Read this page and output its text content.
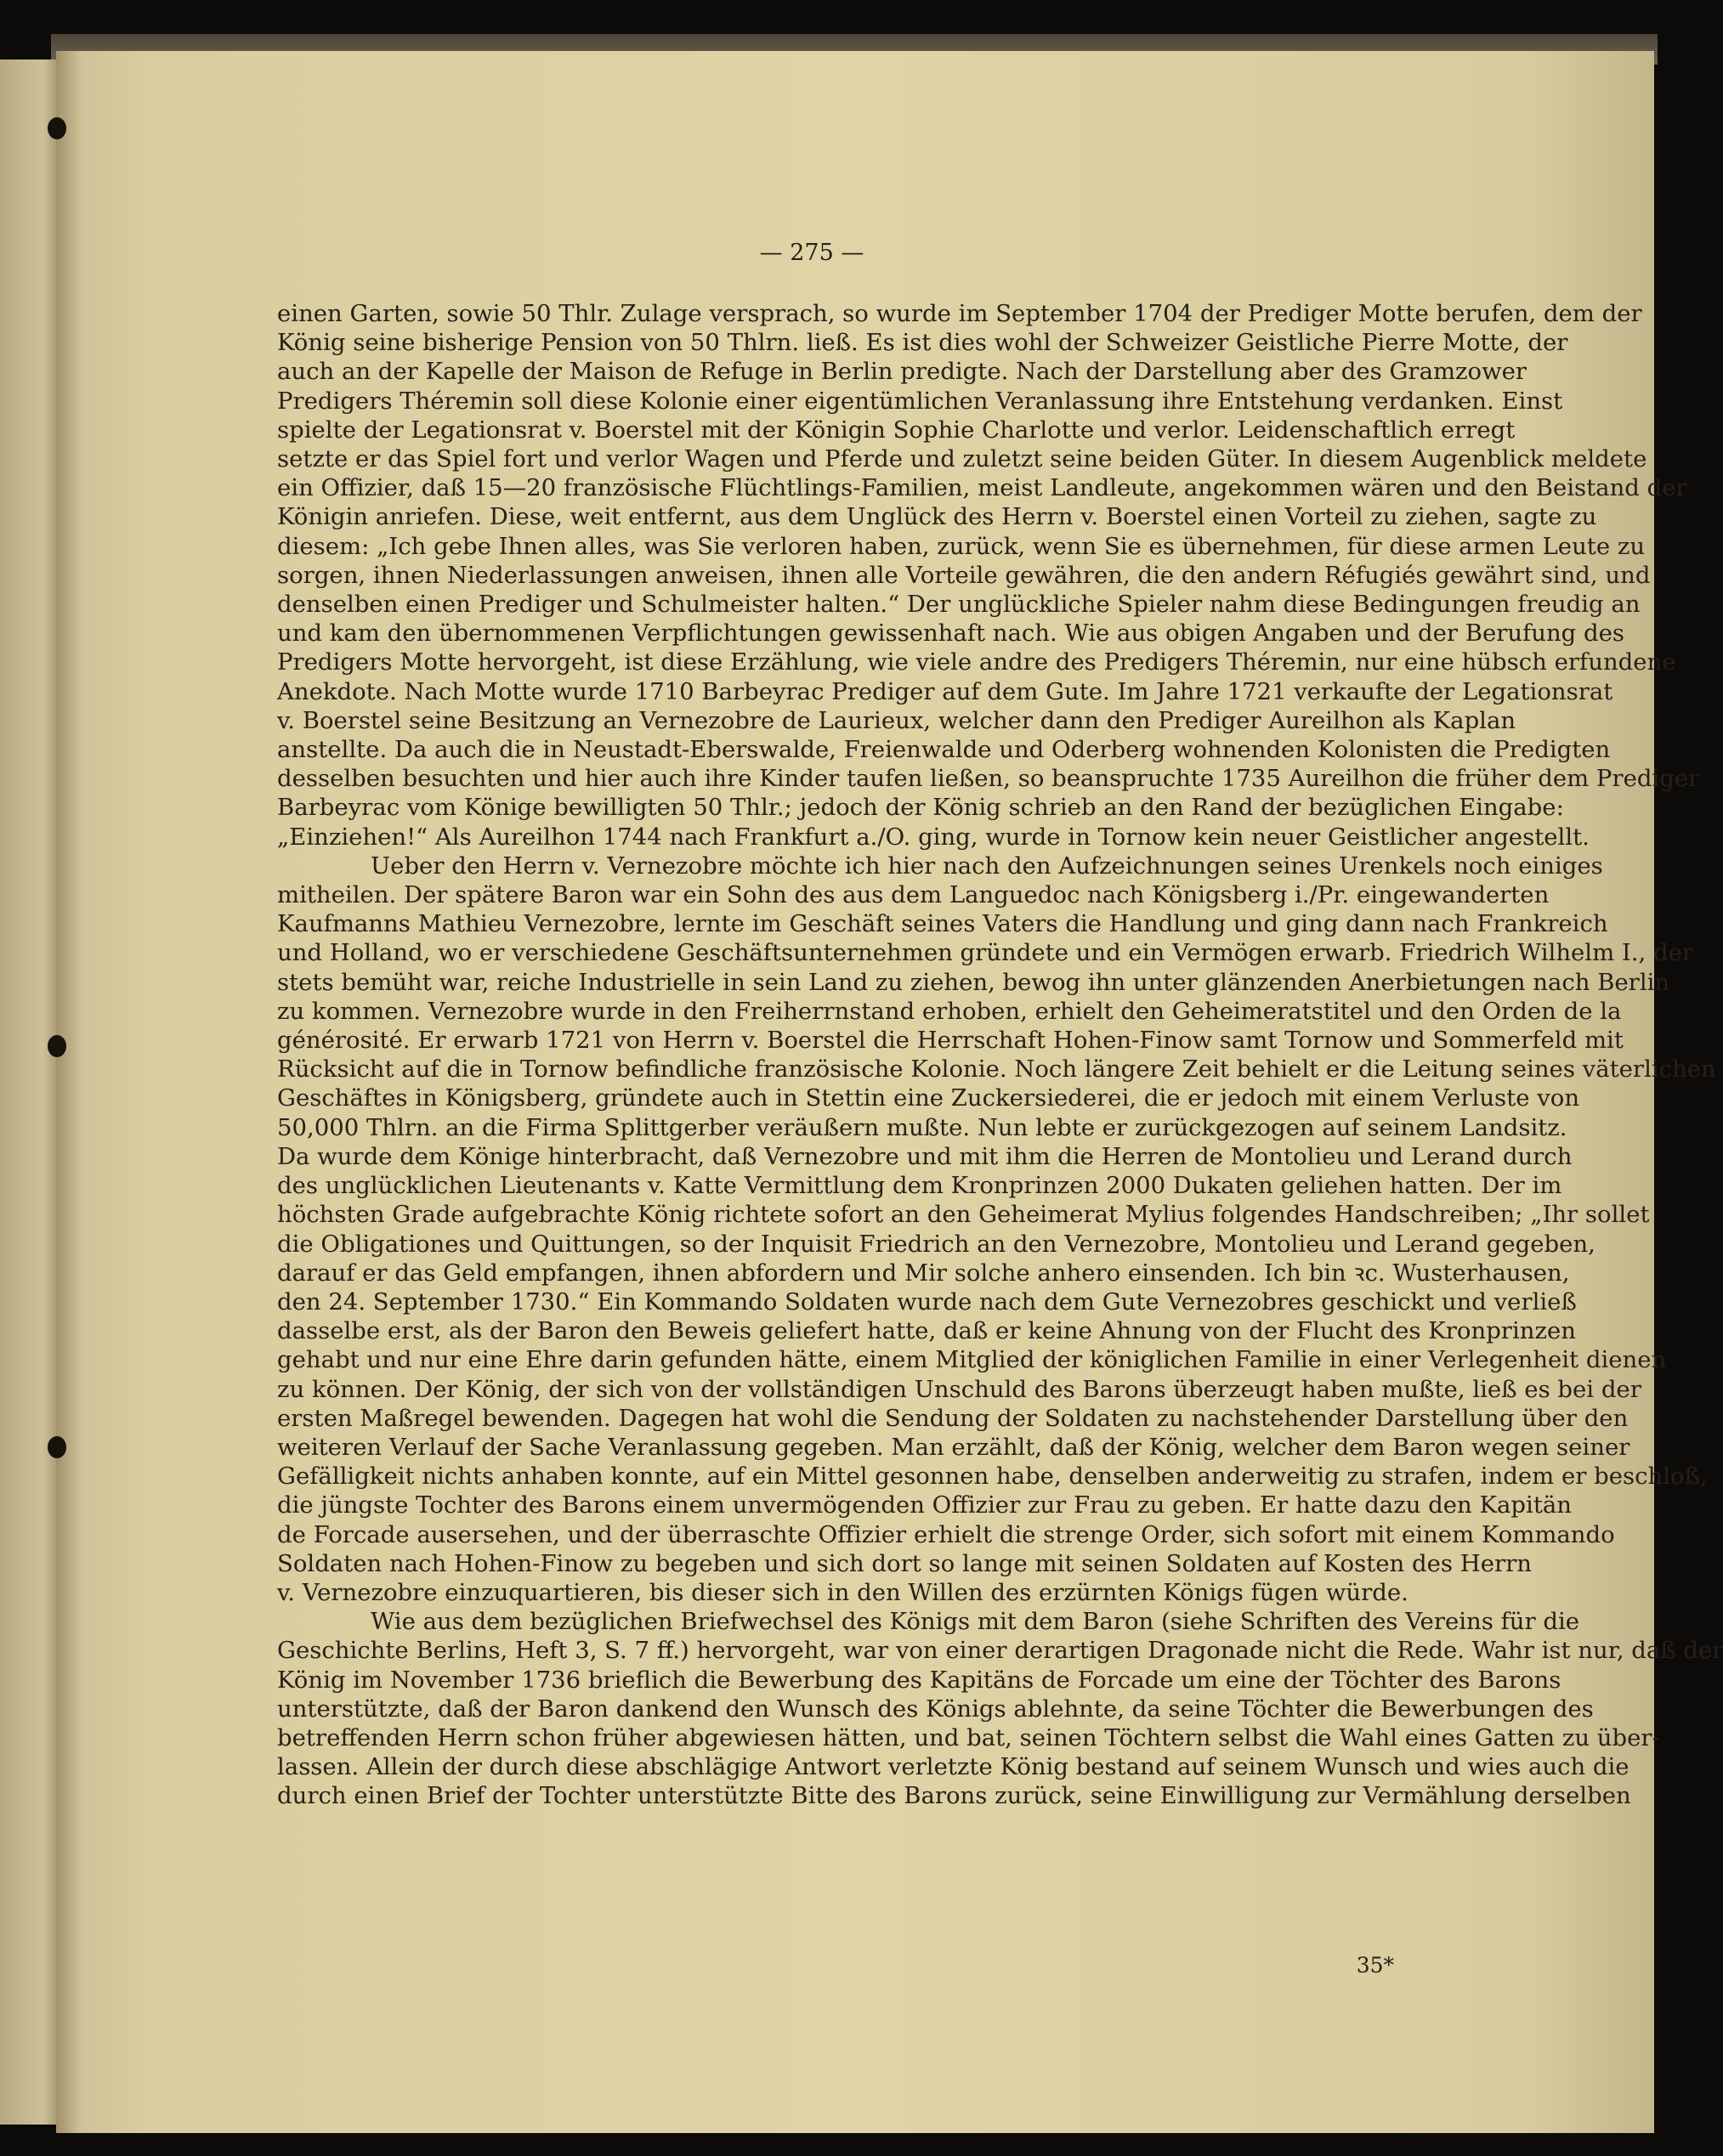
— 275 —
einen Garten, sowie 50 Thlr. Zulage versprach, so wurde im September 1704 der Prediger Motte berufen, dem der
König seine bisherige Pension von 50 Thlrn. ließ. Es ist dies wohl der Schweizer Geistliche Pierre Motte, der
auch an der Kapelle der Maison de Refuge in Berlin predigte. Nach der Darstellung aber des Gramzower
Predigers Théremin soll diese Kolonie einer eigentümlichen Veranlassung ihre Entstehung verdanken. Einst
spielte der Legationsrat v. Boerstel mit der Königin Sophie Charlotte und verlor. Leidenschaftlich erregt
setzte er das Spiel fort und verlor Wagen und Pferde und zuletzt seine beiden Güter. In diesem Augenblick meldete
ein Offizier, daß 15—20 französische Flüchtlings-Familien, meist Landleute, angekommen wären und den Beistand der
Königin anriefen. Diese, weit entfernt, aus dem Unglück des Herrn v. Boerstel einen Vorteil zu ziehen, sagte zu
diesem: „Ich gebe Ihnen alles, was Sie verloren haben, zurück, wenn Sie es übernehmen, für diese armen Leute zu
sorgen, ihnen Niederlassungen anweisen, ihnen alle Vorteile gewähren, die den andern Réfugiés gewährt sind, und
denselben einen Prediger und Schulmeister halten.“ Der unglückliche Spieler nahm diese Bedingungen freudig an
und kam den übernommenen Verpflichtungen gewissenhaft nach. Wie aus obigen Angaben und der Berufung des
Predigers Motte hervorgeht, ist diese Erzählung, wie viele andre des Predigers Théremin, nur eine hübsch erfundene
Anekdote. Nach Motte wurde 1710 Barbeyrac Prediger auf dem Gute. Im Jahre 1721 verkaufte der Legationsrat
v. Boerstel seine Besitzung an Vernezobre de Laurieux, welcher dann den Prediger Aureilhon als Kaplan
anstellte. Da auch die in Neustadt-Eberswalde, Freienwalde und Oderberg wohnenden Kolonisten die Predigten
desselben besuchten und hier auch ihre Kinder taufen ließen, so beanspruchte 1735 Aureilhon die früher dem Prediger
Barbeyrac vom Könige bewilligten 50 Thlr.; jedoch der König schrieb an den Rand der bezüglichen Eingabe:
„Einziehen!“ Als Aureilhon 1744 nach Frankfurt a./O. ging, wurde in Tornow kein neuer Geistlicher angestellt.
Ueber den Herrn v. Vernezobre möchte ich hier nach den Aufzeichnungen seines Urenkels noch einiges
mitheilen. Der spätere Baron war ein Sohn des aus dem Languedoc nach Königsberg i./Pr. eingewanderten
Kaufmanns Mathieu Vernezobre, lernte im Geschäft seines Vaters die Handlung und ging dann nach Frankreich
und Holland, wo er verschiedene Geschäftsunternehmen gründete und ein Vermögen erwarb. Friedrich Wilhelm I., der
stets bemüht war, reiche Industrielle in sein Land zu ziehen, bewog ihn unter glänzenden Anerbietungen nach Berlin
zu kommen. Vernezobre wurde in den Freiherrnstand erhoben, erhielt den Geheimeratstitel und den Orden de la
générosité. Er erwarb 1721 von Herrn v. Boerstel die Herrschaft Hohen-Finow samt Tornow und Sommerfeld mit
Rücksicht auf die in Tornow befindliche französische Kolonie. Noch längere Zeit behielt er die Leitung seines väterlichen
Geschäftes in Königsberg, gründete auch in Stettin eine Zuckersiederei, die er jedoch mit einem Verluste von
50,000 Thlrn. an die Firma Splittgerber veräußern mußte. Nun lebte er zurückgezogen auf seinem Landsitz.
Da wurde dem Könige hinterbracht, daß Vernezobre und mit ihm die Herren de Montolieu und Lerand durch
des unglücklichen Lieutenants v. Katte Vermittlung dem Kronprinzen 2000 Dukaten geliehen hatten. Der im
höchsten Grade aufgebrachte König richtete sofort an den Geheimerat Mylius folgendes Handschreiben; „Ihr sollet
die Obligationes und Quittungen, so der Inquisit Friedrich an den Vernezobre, Montolieu und Lerand gegeben,
darauf er das Geld empfangen, ihnen abfordern und Mir solche anhero einsenden. Ich bin ꝛc. Wusterhausen,
den 24. September 1730.“ Ein Kommando Soldaten wurde nach dem Gute Vernezobres geschickt und verließ
dasselbe erst, als der Baron den Beweis geliefert hatte, daß er keine Ahnung von der Flucht des Kronprinzen
gehabt und nur eine Ehre darin gefunden hätte, einem Mitglied der königlichen Familie in einer Verlegenheit dienen
zu können. Der König, der sich von der vollständigen Unschuld des Barons überzeugt haben mußte, ließ es bei der
ersten Maßregel bewenden. Dagegen hat wohl die Sendung der Soldaten zu nachstehender Darstellung über den
weiteren Verlauf der Sache Veranlassung gegeben. Man erzählt, daß der König, welcher dem Baron wegen seiner
Gefälligkeit nichts anhaben konnte, auf ein Mittel gesonnen habe, denselben anderweitig zu strafen, indem er beschloß,
die jüngste Tochter des Barons einem unvermögenden Offizier zur Frau zu geben. Er hatte dazu den Kapitän
de Forcade ausersehen, und der überraschte Offizier erhielt die strenge Order, sich sofort mit einem Kommando
Soldaten nach Hohen-Finow zu begeben und sich dort so lange mit seinen Soldaten auf Kosten des Herrn
v. Vernezobre einzuquartieren, bis dieser sich in den Willen des erzürnten Königs fügen würde.
Wie aus dem bezüglichen Briefwechsel des Königs mit dem Baron (siehe Schriften des Vereins für die
Geschichte Berlins, Heft 3, S. 7 ff.) hervorgeht, war von einer derartigen Dragonade nicht die Rede. Wahr ist nur, daß der
König im November 1736 brieflich die Bewerbung des Kapitäns de Forcade um eine der Töchter des Barons
unterstützte, daß der Baron dankend den Wunsch des Königs ablehnte, da seine Töchter die Bewerbungen des
betreffenden Herrn schon früher abgewiesen hätten, und bat, seinen Töchtern selbst die Wahl eines Gatten zu über-
lassen. Allein der durch diese abschlägige Antwort verletzte König bestand auf seinem Wunsch und wies auch die
durch einen Brief der Tochter unterstützte Bitte des Barons zurück, seine Einwilligung zur Vermählung derselben
35*
